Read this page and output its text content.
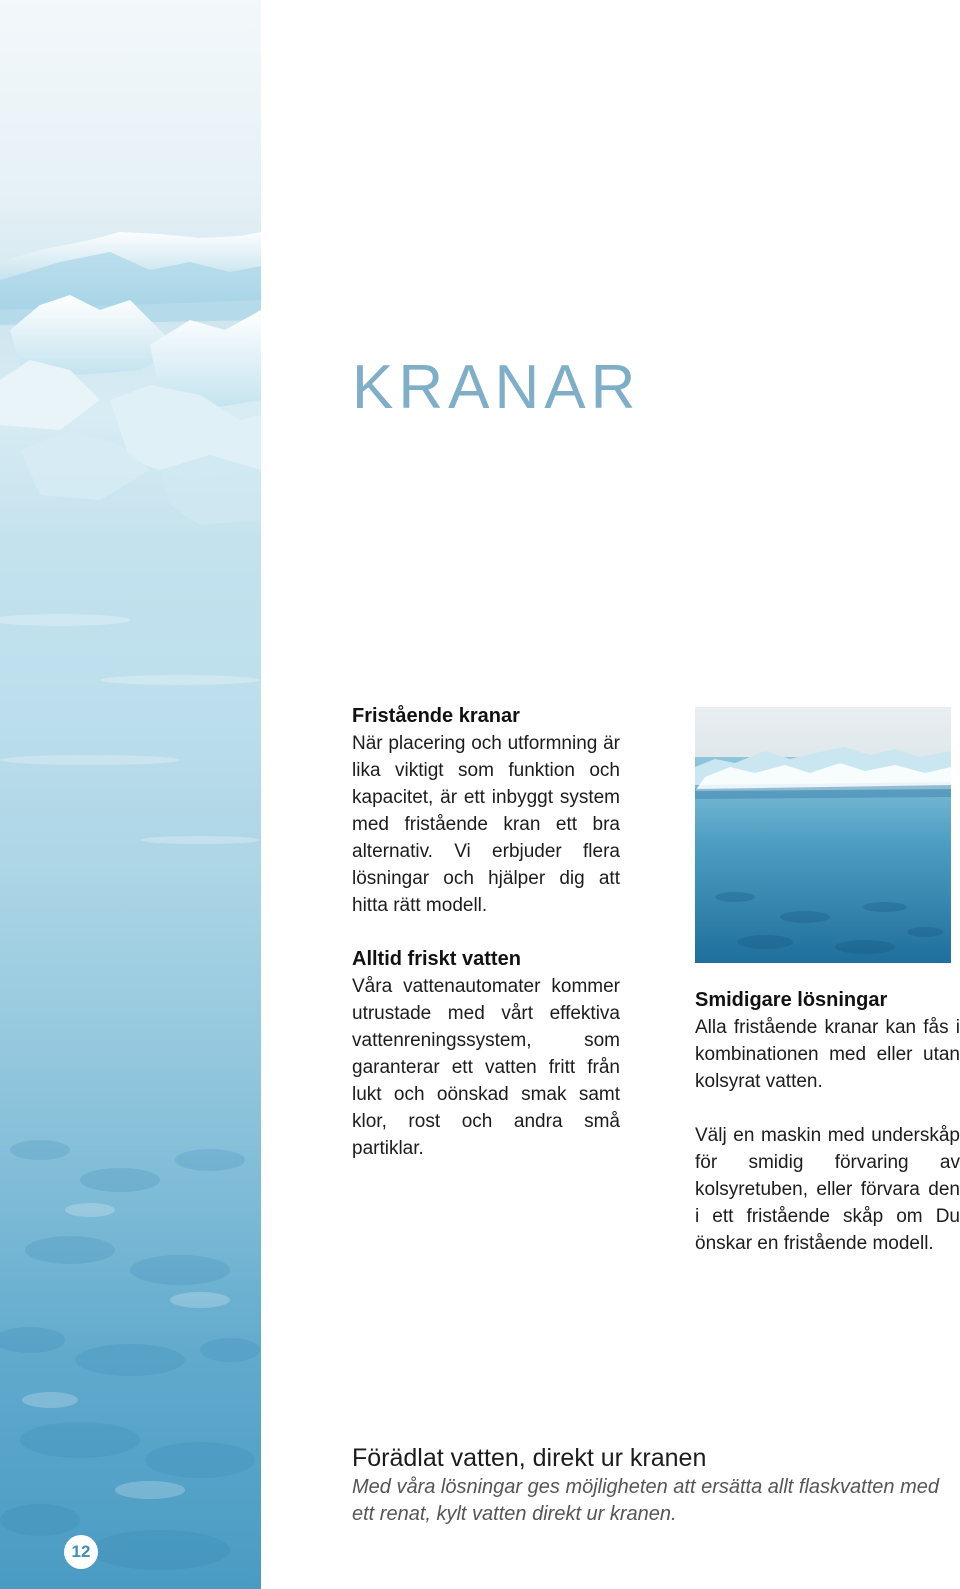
12
KRANAR
Fristående kranar

När placering och utformning är lika viktigt som funktion och kapacitet, är ett inbyggt system med fristående kran ett bra alternativ. Vi erbjuder flera lösningar och hjälper dig att hitta rätt modell.

Alltid friskt vatten

Våra vattenautomater kommer utrustade med vårt effektiva vattenreningssystem, som garanterar ett vatten fritt från lukt och oönskad smak samt klor, rost och andra små partiklar.

Smidigare lösningar

Alla fristående kranar kan fås i kombinationen med eller utan kolsyrat vatten.

Välj en maskin med underskåp för smidig förvaring av kolsyretuben, eller förvara den i ett fristående skåp om Du önskar en fristående modell.

Förädlat vatten, direkt ur kranen

Med våra lösningar ges möjligheten att ersätta allt flaskvatten med ett renat, kylt vatten direkt ur kranen.
